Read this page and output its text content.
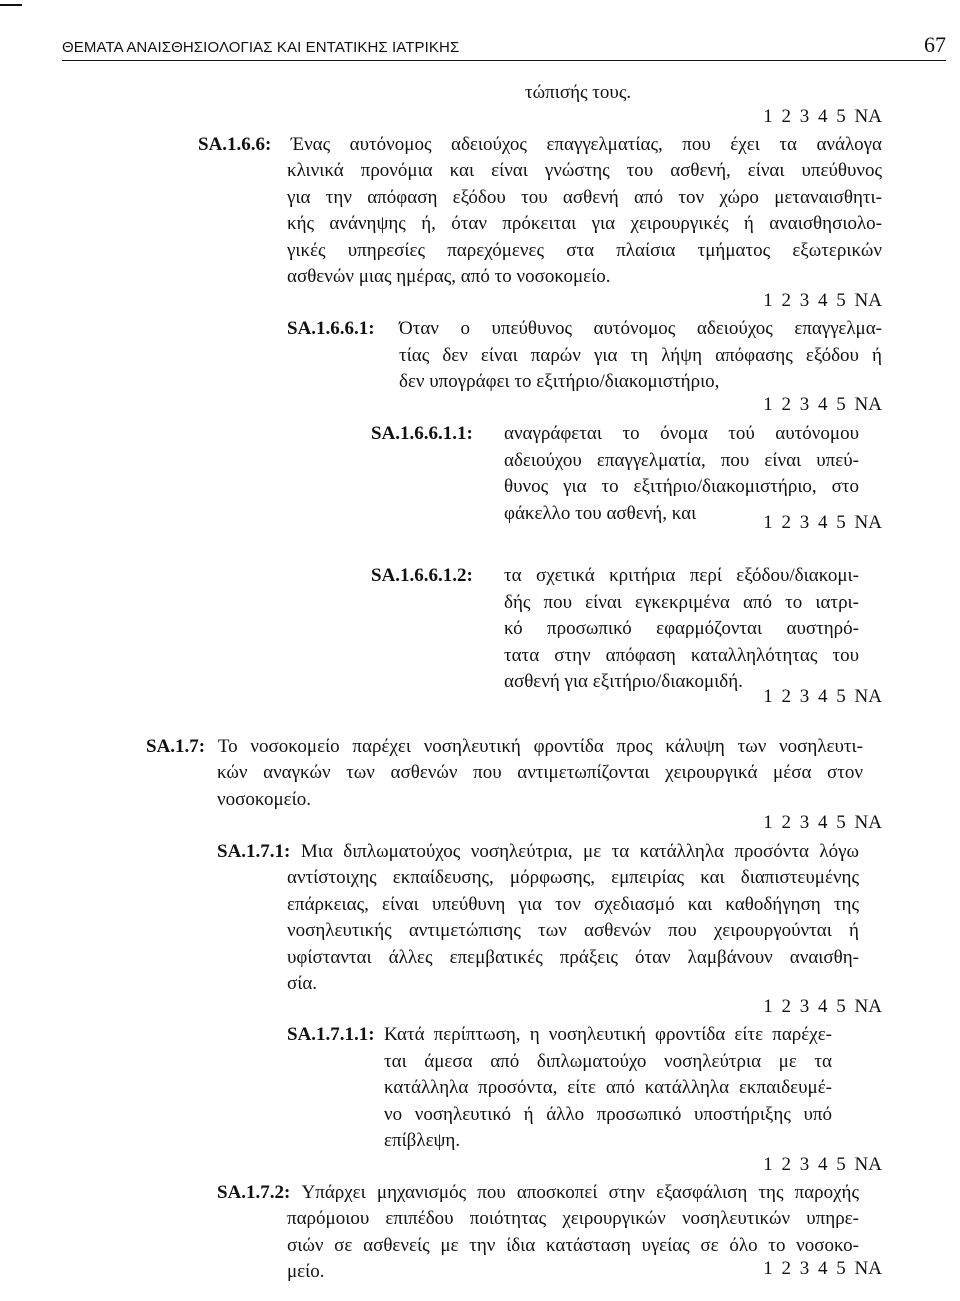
ΘΕΜΑΤΑ ΑΝΑΙΣΘΗΣΙΟΛΟΓΙΑΣ ΚΑΙ ΕΝΤΑΤΙΚΗΣ ΙΑΤΡΙΚΗΣ	67
τώπισής τους.
1 2 3 4 5 ΝΑ
SA.1.6.6: Ένας αυτόνομος αδειούχος επαγγελματίας, που έχει τα ανάλογα
κλινικά προνόμια και είναι γνώστης του ασθενή, είναι υπεύθυνος
για την απόφαση εξόδου του ασθενή από τον χώρο μεταναισθητι-
κής ανάνηψης ή, όταν πρόκειται για χειρουργικές ή αναισθησιολο-
γικές υπηρεσίες παρεχόμενες στα πλαίσια τμήματος εξωτερικών
ασθενών μιας ημέρας, από το νοσοκομείο.
1 2 3 4 5 ΝΑ
SA.1.6.6.1: Όταν ο υπεύθυνος αυτόνομος αδειούχος επαγγελμα-
τίας δεν είναι παρών για τη λήψη απόφασης εξόδου ή
δεν υπογράφει το εξιτήριο/διακομιστήριο,
1 2 3 4 5 ΝΑ
SA.1.6.6.1.1: αναγράφεται το όνομα τού αυτόνομου
αδειούχου επαγγελματία, που είναι υπεύ-
θυνος για το εξιτήριο/διακομιστήριο, στο
φάκελλο του ασθενή, και	1 2 3 4 5 ΝΑ
SA.1.6.6.1.2: τα σχετικά κριτήρια περί εξόδου/διακομι-
δής που είναι εγκεκριμένα από το ιατρι-
κό προσωπικό εφαρμόζονται αυστηρό-
τατα στην απόφαση καταλληλότητας του
ασθενή για εξιτήριο/διακομιδή.
1 2 3 4 5 ΝΑ
SA.1.7: Το νοσοκομείο παρέχει νοσηλευτική φροντίδα προς κάλυψη των νοσηλευτι-
κών αναγκών των ασθενών που αντιμετωπίζονται χειρουργικά μέσα στον
νοσοκομείο.
1 2 3 4 5 ΝΑ
SA.1.7.1: Μια διπλωματούχος νοσηλεύτρια, με τα κατάλληλα προσόντα λόγω
αντίστοιχης εκπαίδευσης, μόρφωσης, εμπειρίας και διαπιστευμένης
επάρκειας, είναι υπεύθυνη για τον σχεδιασμό και καθοδήγηση της
νοσηλευτικής αντιμετώπισης των ασθενών που χειρουργούνται ή
υφίστανται άλλες επεμβατικές πράξεις όταν λαμβάνουν αναισθη-
σία.
1 2 3 4 5 ΝΑ
SA.1.7.1.1: Κατά περίπτωση, η νοσηλευτική φροντίδα είτε παρέχε-
ται άμεσα από διπλωματούχο νοσηλεύτρια με τα
κατάλληλα προσόντα, είτε από κατάλληλα εκπαιδευμέ-
νο νοσηλευτικό ή άλλο προσωπικό υποστήριξης υπό
επίβλεψη.
1 2 3 4 5 ΝΑ
SA.1.7.2: Υπάρχει μηχανισμός που αποσκοπεί στην εξασφάλιση της παροχής
παρόμοιου επιπέδου ποιότητας χειρουργικών νοσηλευτικών υπηρε-
σιών σε ασθενείς με την ίδια κατάσταση υγείας σε όλο το νοσοκο-
μείο.	1 2 3 4 5 ΝΑ
